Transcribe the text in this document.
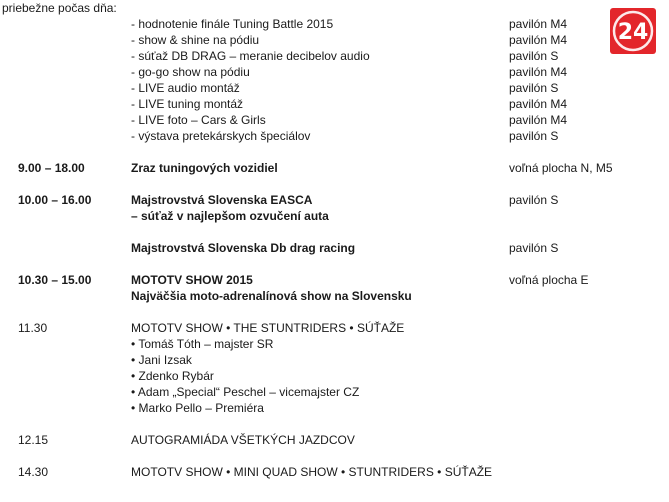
priebežne počas dňa:
- hodnotenie finále Tuning Battle 2015	pavilón M4
- show & shine na pódiu	pavilón M4
- súťaž DB DRAG – meranie decibelov audio	pavilón S
- go-go show na pódiu	pavilón M4
- LIVE audio montáž	pavilón S
- LIVE tuning montáž	pavilón M4
- LIVE foto – Cars & Girls	pavilón M4
- výstava pretekárskych špeciálov	pavilón S
9.00 – 18.00	Zraz tuningových vozidiel	voľná plocha N, M5
10.00 – 16.00	Majstrovstvá Slovenska EASCA	pavilón S
– súťaž v najlepšom ozvučení auta
Majstrovstvá Slovenska Db drag racing	pavilón S
10.30 – 15.00	MOTOTV SHOW 2015	voľná plocha E
Najväčšia moto-adrenalínová show na Slovensku
11.30	MOTOTV SHOW • THE STUNTRIDERS • SÚŤAŽE
• Tomáš Tóth – majster SR
• Jani Izsak
• Zdenko Rybár
• Adam „Special“ Peschel – vicemajster CZ
• Marko Pello – Premiéra
12.15	AUTOGRAMIÁDA VŠETKÝCH JAZDCOV
14.30	MOTOTV SHOW • MINI QUAD SHOW • STUNTRIDERS • SÚŤAŽE
24
